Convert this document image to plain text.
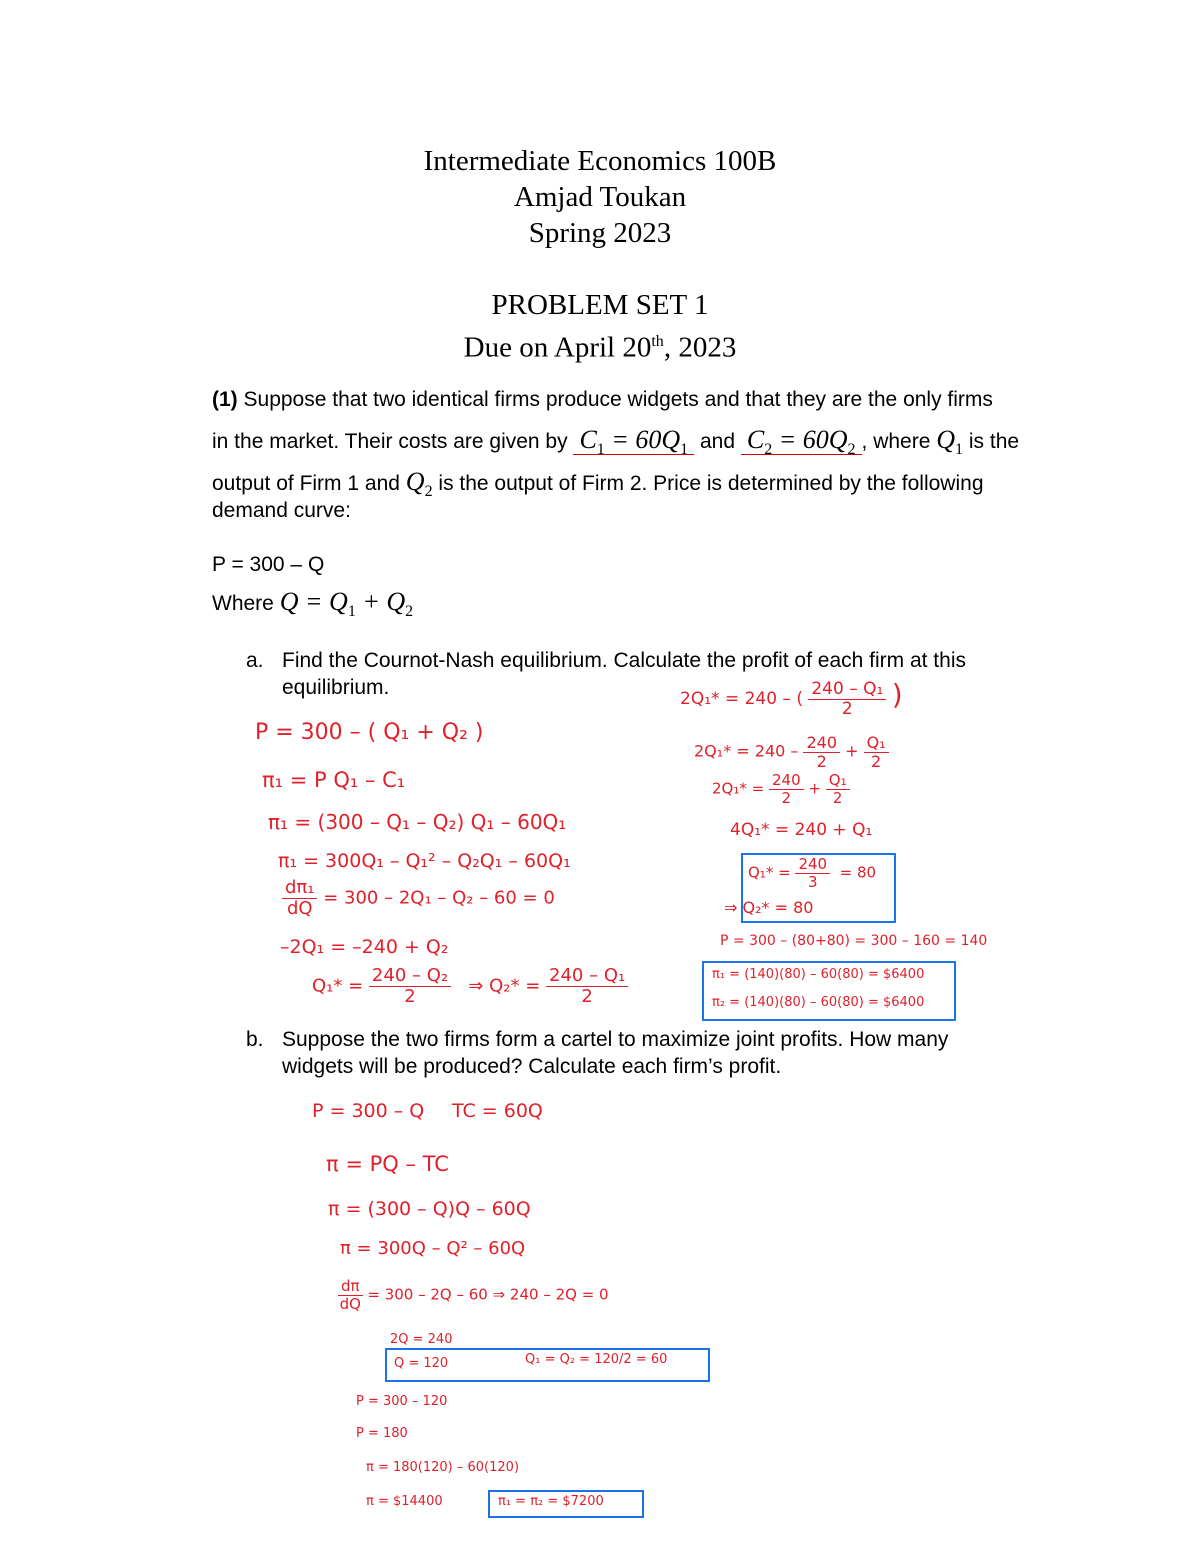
Intermediate Economics 100B
Amjad Toukan
Spring 2023
PROBLEM SET 1
Due on April 20th, 2023
(1) Suppose that two identical firms produce widgets and that they are the only firms
in the market. Their costs are given by $C_1 = 60Q_1$ and $C_2 = 60Q_2$ , where $Q_1$ is the
output of Firm 1 and $Q_2$ is the output of Firm 2. Price is determined by the following
demand curve:
P = 300 – Q
Where $Q = Q_1 + Q_2$
a. Find the Cournot-Nash equilibrium. Calculate the profit of each firm at this
equilibrium.
P = 300 – ( Q₁ + Q₂ )
π₁ = P Q₁ – C₁
π₁ = (300 – Q₁ – Q₂) Q₁ – 60Q₁
π₁ = 300Q₁ – Q₁² – Q₂Q₁ – 60Q₁
$\frac{\text{dπ₁}}{dQ} = 300 - 2Q_1 - Q_2 - 60 = 0$
–2Q₁ = –240 + Q₂
$Q_1* = \frac{\text{240 – Q₂}}{2}$ ⇒ $Q_2* = \frac{\text{240 – Q₁}}{2}$
2Q₁* = 240 – ( $\frac{\text{240 – Q₁}}{2}$ )
$2Q_1* = 240 - \frac{240}{2} + \frac{\text{Q₁}}{2}$
$2Q_1* = \frac{240}{2} + \frac{\text{Q₁}}{2}$
4Q₁* = 240 + Q₁
$Q_1* = \frac{240}{3} = 80$
⇒ Q₂* = 80
P = 300 – (80+80) = 300 – 160 = 140
π₁ = (140)(80) – 60(80) = $6400
π₂ = (140)(80) – 60(80) = $6400
b. Suppose the two firms form a cartel to maximize joint profits. How many
widgets will be produced? Calculate each firm’s profit.
P = 300 – Q TC = 60Q
π = PQ – TC
π = (300 – Q)Q – 60Q
π = 300Q – Q² – 60Q
$\frac{d\pi}{dQ} = 300 - 2Q - 60$ ⇒ 240 – 2Q = 0
2Q = 240
Q = 120	Q₁ = Q₂ = 120/2 = 60
P = 300 – 120
P = 180
π = 180(120) – 60(120)
π = $14400	π₁ = π₂ = $7200
